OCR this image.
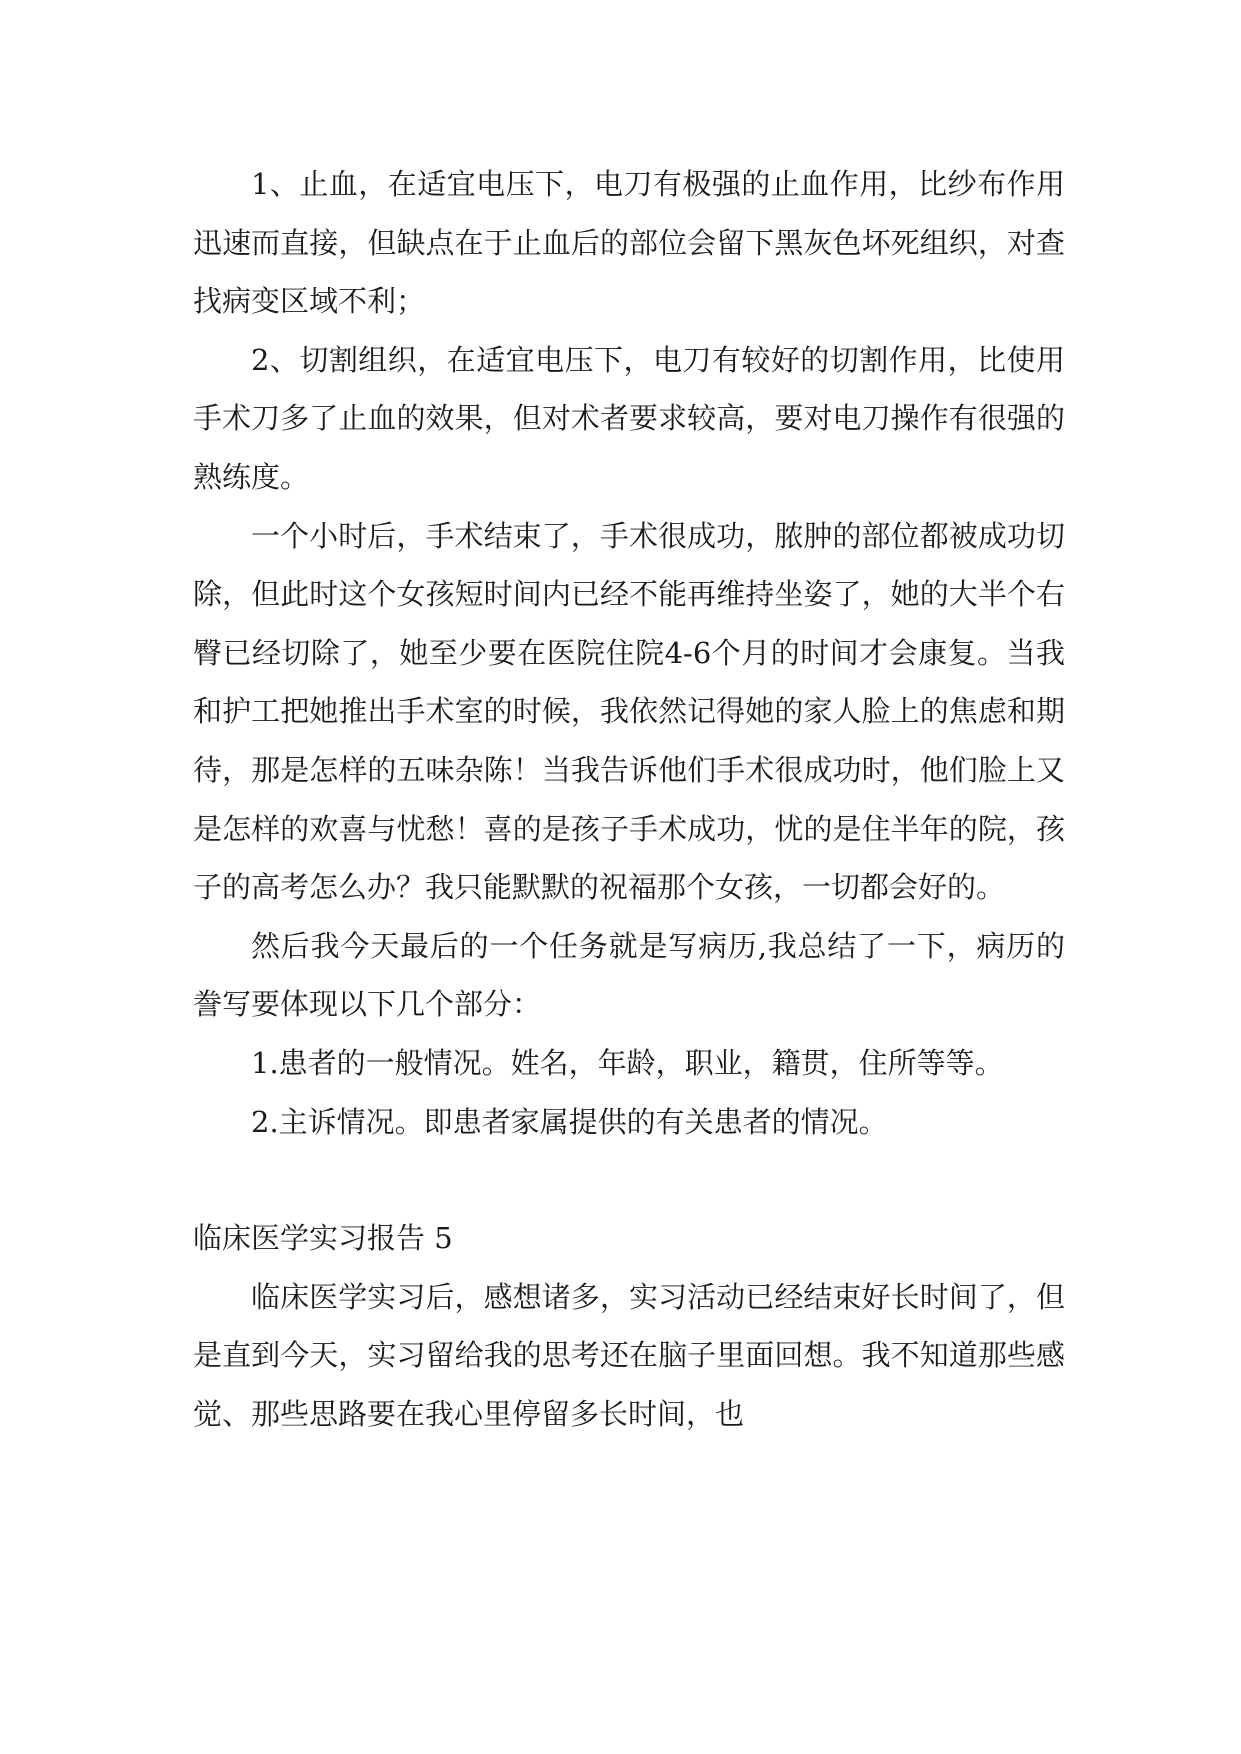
1、止血，在适宜电压下，电刀有极强的止血作用，比纱布作用迅速而直接，但缺点在于止血后的部位会留下黑灰色坏死组织，对查找病变区域不利；

2、切割组织，在适宜电压下，电刀有较好的切割作用，比使用手术刀多了止血的效果，但对术者要求较高，要对电刀操作有很强的熟练度。

一个小时后，手术结束了，手术很成功，脓肿的部位都被成功切除，但此时这个女孩短时间内已经不能再维持坐姿了，她的大半个右臀已经切除了，她至少要在医院住院4-6个月的时间才会康复。当我和护工把她推出手术室的时候，我依然记得她的家人脸上的焦虑和期待，那是怎样的五味杂陈！当我告诉他们手术很成功时，他们脸上又是怎样的欢喜与忧愁！喜的是孩子手术成功，忧的是住半年的院，孩子的高考怎么办？我只能默默的祝福那个女孩，一切都会好的。

然后我今天最后的一个任务就是写病历,我总结了一下，病历的誊写要体现以下几个部分：

1.患者的一般情况。姓名，年龄，职业，籍贯，住所等等。

2.主诉情况。即患者家属提供的有关患者的情况。

临床医学实习报告 5

临床医学实习后，感想诸多，实习活动已经结束好长时间了，但是直到今天，实习留给我的思考还在脑子里面回想。我不知道那些感觉、那些思路要在我心里停留多长时间，也
